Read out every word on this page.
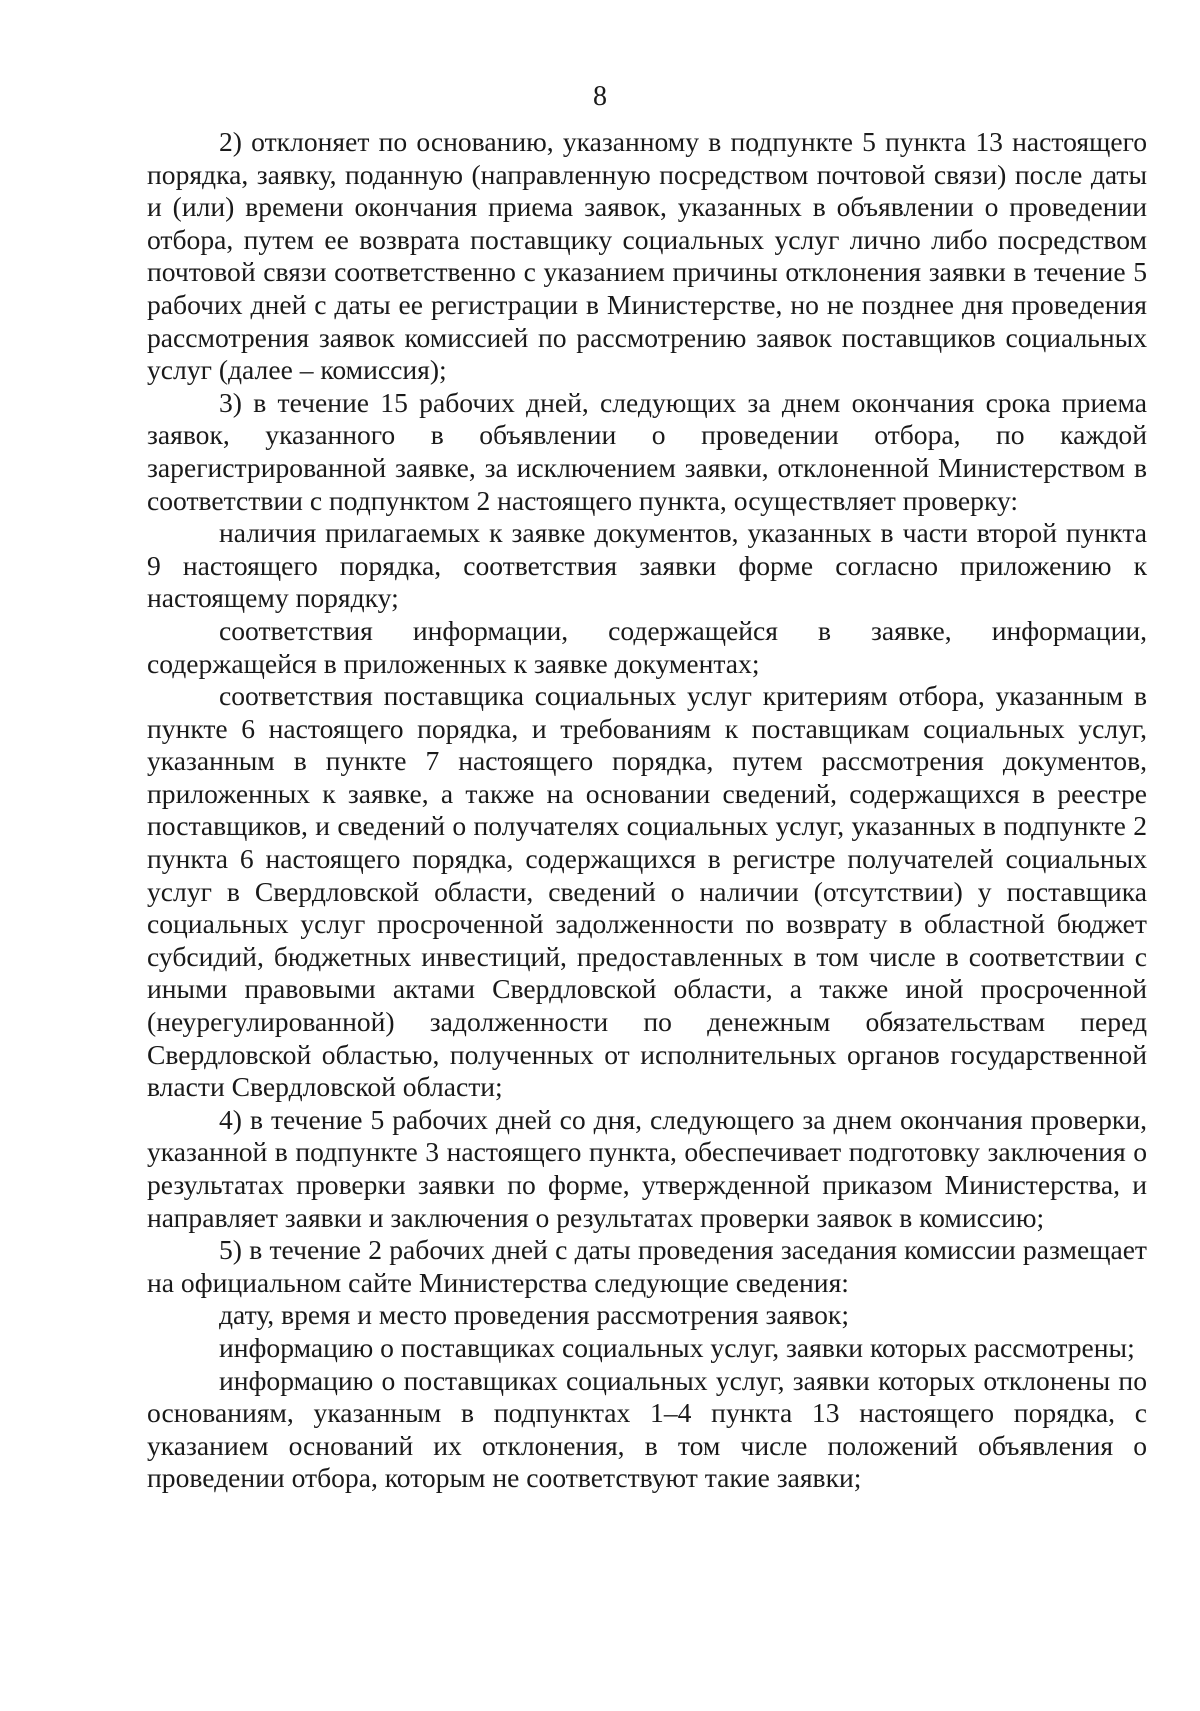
8

2) отклоняет по основанию, указанному в подпункте 5 пункта 13 настоящего порядка, заявку, поданную (направленную посредством почтовой связи) после даты и (или) времени окончания приема заявок, указанных в объявлении о проведении отбора, путем ее возврата поставщику социальных услуг лично либо посредством почтовой связи соответственно с указанием причины отклонения заявки в течение 5 рабочих дней с даты ее регистрации в Министерстве, но не позднее дня проведения рассмотрения заявок комиссией по рассмотрению заявок поставщиков социальных услуг (далее – комиссия);

3) в течение 15 рабочих дней, следующих за днем окончания срока приема заявок, указанного в объявлении о проведении отбора, по каждой зарегистрированной заявке, за исключением заявки, отклоненной Министерством в соответствии с подпунктом 2 настоящего пункта, осуществляет проверку:

наличия прилагаемых к заявке документов, указанных в части второй пункта 9 настоящего порядка, соответствия заявки форме согласно приложению к настоящему порядку;

соответствия информации, содержащейся в заявке, информации, содержащейся в приложенных к заявке документах;

соответствия поставщика социальных услуг критериям отбора, указанным в пункте 6 настоящего порядка, и требованиям к поставщикам социальных услуг, указанным в пункте 7 настоящего порядка, путем рассмотрения документов, приложенных к заявке, а также на основании сведений, содержащихся в реестре поставщиков, и сведений о получателях социальных услуг, указанных в подпункте 2 пункта 6 настоящего порядка, содержащихся в регистре получателей социальных услуг в Свердловской области, сведений о наличии (отсутствии) у поставщика социальных услуг просроченной задолженности по возврату в областной бюджет субсидий, бюджетных инвестиций, предоставленных в том числе в соответствии с иными правовыми актами Свердловской области, а также иной просроченной (неурегулированной) задолженности по денежным обязательствам перед Свердловской областью, полученных от исполнительных органов государственной власти Свердловской области;

4) в течение 5 рабочих дней со дня, следующего за днем окончания проверки, указанной в подпункте 3 настоящего пункта, обеспечивает подготовку заключения о результатах проверки заявки по форме, утвержденной приказом Министерства, и направляет заявки и заключения о результатах проверки заявок в комиссию;

5) в течение 2 рабочих дней с даты проведения заседания комиссии размещает на официальном сайте Министерства следующие сведения:

дату, время и место проведения рассмотрения заявок;

информацию о поставщиках социальных услуг, заявки которых рассмотрены;

информацию о поставщиках социальных услуг, заявки которых отклонены по основаниям, указанным в подпунктах 1–4 пункта 13 настоящего порядка, с указанием оснований их отклонения, в том числе положений объявления о проведении отбора, которым не соответствуют такие заявки;
